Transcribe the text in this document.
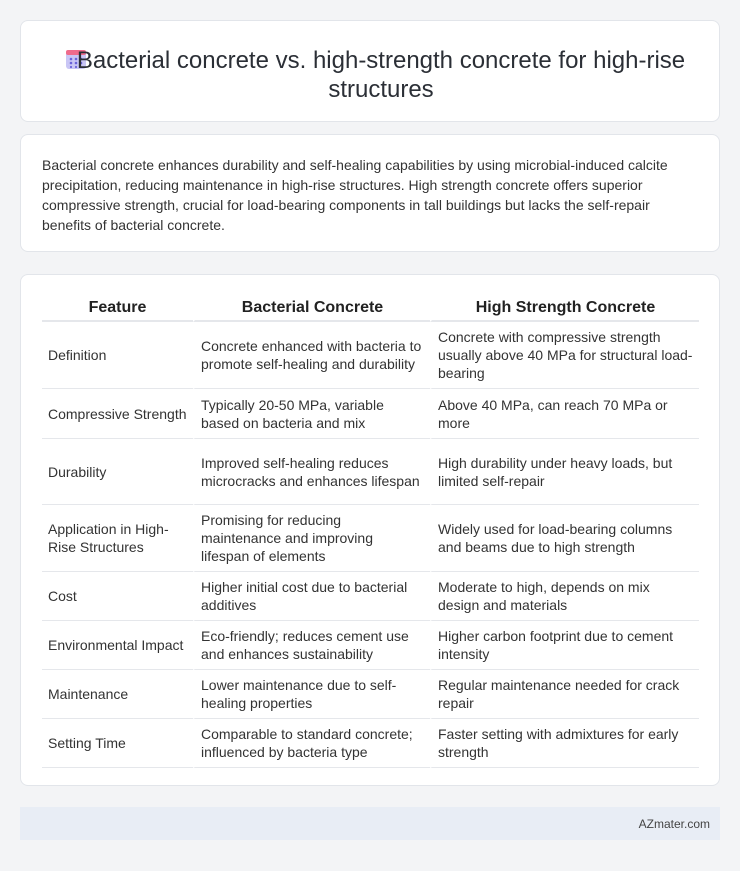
Bacterial concrete vs. high-strength concrete for high-rise structures

Bacterial concrete enhances durability and self-healing capabilities by using microbial-induced calcite precipitation, reducing maintenance in high-rise structures. High strength concrete offers superior compressive strength, crucial for load-bearing components in tall buildings but lacks the self-repair benefits of bacterial concrete.

Feature	Bacterial Concrete	High Strength Concrete
Definition	Concrete enhanced with bacteria to promote self-healing and durability	Concrete with compressive strength usually above 40 MPa for structural load-bearing
Compressive Strength	Typically 20-50 MPa, variable based on bacteria and mix	Above 40 MPa, can reach 70 MPa or more
Durability	Improved self-healing reduces microcracks and enhances lifespan	High durability under heavy loads, but limited self-repair
Application in High-Rise Structures	Promising for reducing maintenance and improving lifespan of elements	Widely used for load-bearing columns and beams due to high strength
Cost	Higher initial cost due to bacterial additives	Moderate to high, depends on mix design and materials
Environmental Impact	Eco-friendly; reduces cement use and enhances sustainability	Higher carbon footprint due to cement intensity
Maintenance	Lower maintenance due to self-healing properties	Regular maintenance needed for crack repair
Setting Time	Comparable to standard concrete; influenced by bacteria type	Faster setting with admixtures for early strength
AZmater.com
